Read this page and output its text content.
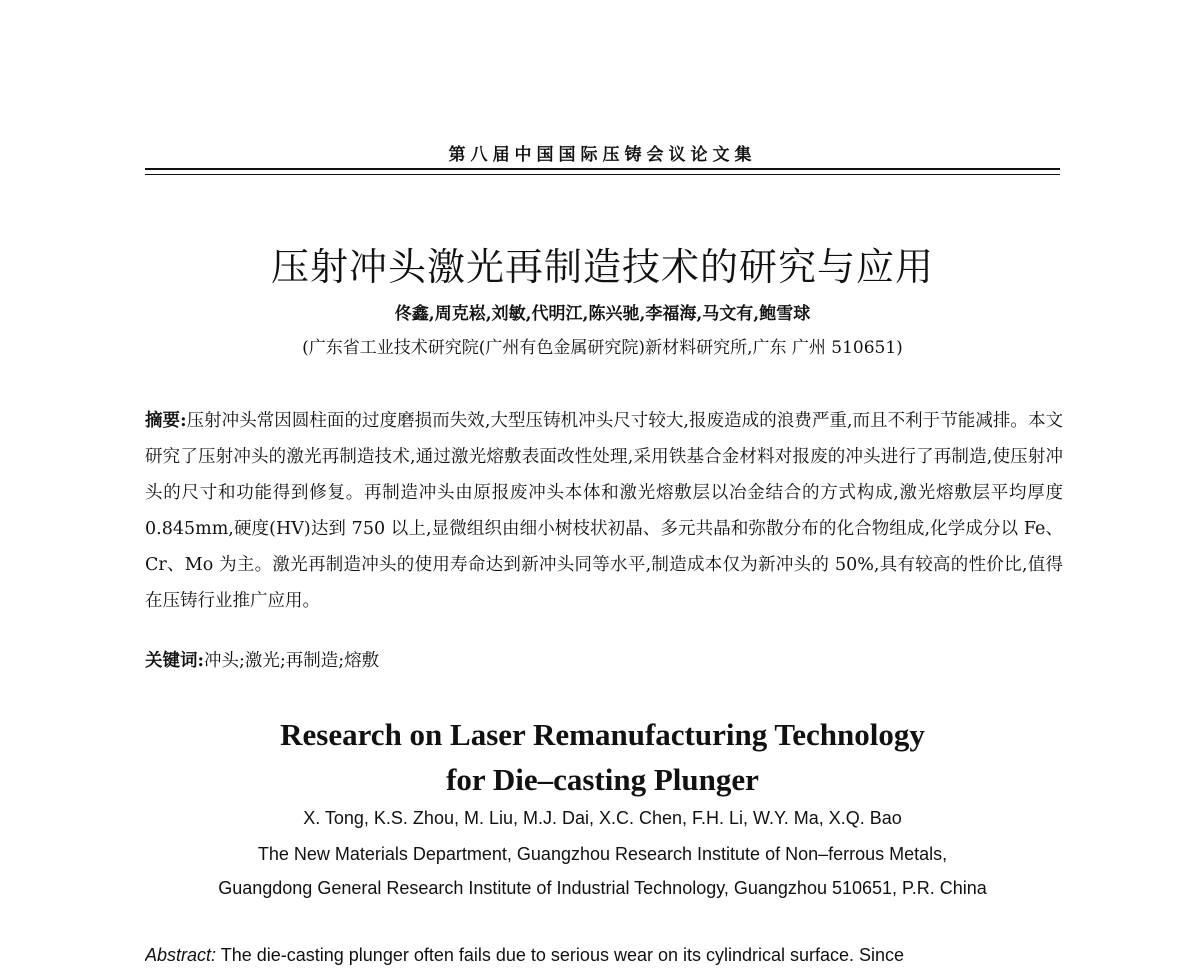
第八届中国国际压铸会议论文集
压射冲头激光再制造技术的研究与应用
佟鑫,周克崧,刘敏,代明江,陈兴驰,李福海,马文有,鲍雪球
(广东省工业技术研究院(广州有色金属研究院)新材料研究所,广东 广州 510651)

摘要:压射冲头常因圆柱面的过度磨损而失效,大型压铸机冲头尺寸较大,报废造成的浪费严重,而且不利于节能减排。本文研究了压射冲头的激光再制造技术,通过激光熔敷表面改性处理,采用铁基合金材料对报废的冲头进行了再制造,使压射冲头的尺寸和功能得到修复。再制造冲头由原报废冲头本体和激光熔敷层以冶金结合的方式构成,激光熔敷层平均厚度 0.845mm,硬度(HV)达到 750 以上,显微组织由细小树枝状初晶、多元共晶和弥散分布的化合物组成,化学成分以 Fe、Cr、Mo 为主。激光再制造冲头的使用寿命达到新冲头同等水平,制造成本仅为新冲头的 50%,具有较高的性价比,值得在压铸行业推广应用。

关键词:冲头;激光;再制造;熔敷

Research on Laser Remanufacturing Technology
for Die–casting Plunger
X. Tong, K.S. Zhou, M. Liu, M.J. Dai, X.C. Chen, F.H. Li, W.Y. Ma, X.Q. Bao
The New Materials Department, Guangzhou Research Institute of Non–ferrous Metals,
Guangdong General Research Institute of Industrial Technology, Guangzhou 510651, P.R. China
Abstract: The die-casting plunger often fails due to serious wear on its cylindrical surface. Since
